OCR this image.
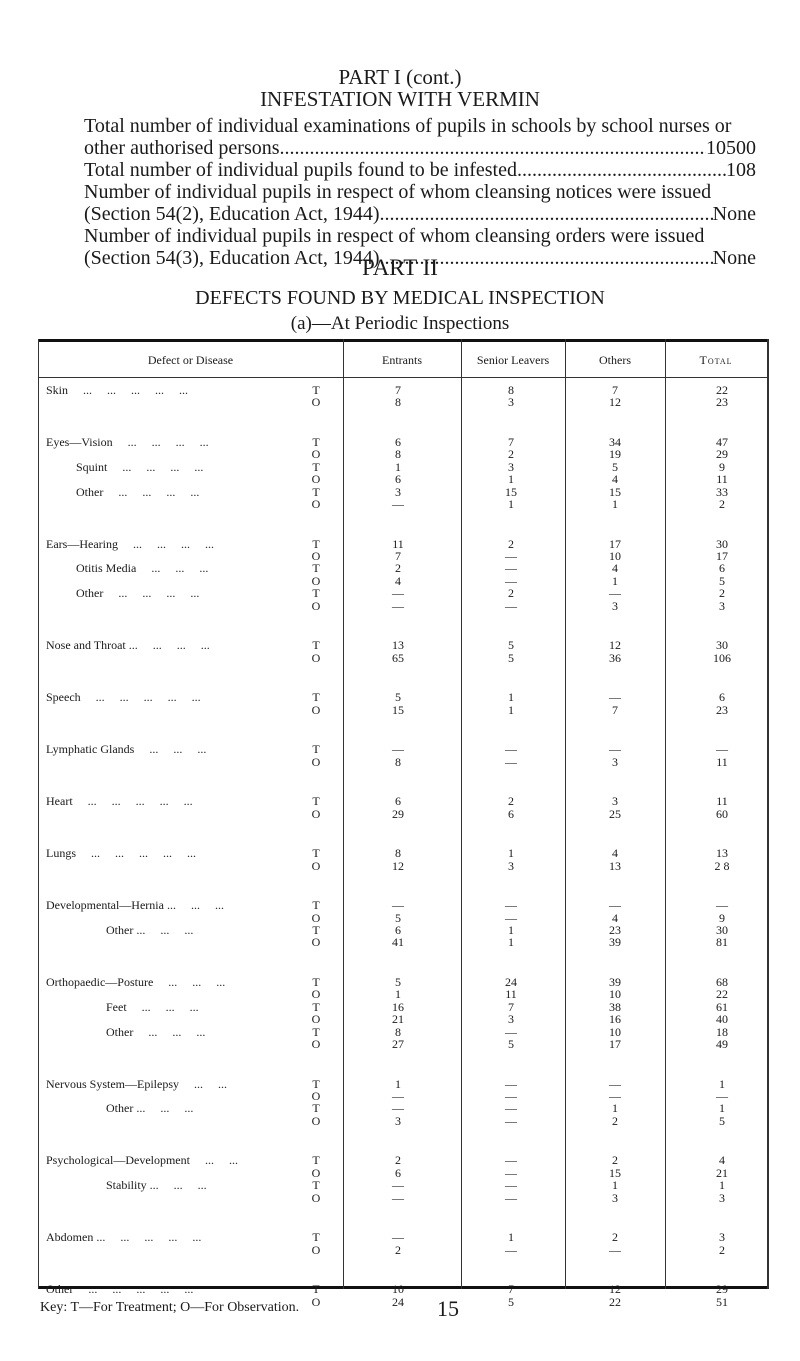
PART I (cont.)
INFESTATION WITH VERMIN
Total number of individual examinations of pupils in schools by school nurses or
other authorised persons .....	10500
Total number of individual pupils found to be infested .....	108
Number of individual pupils in respect of whom cleansing notices were issued
(Section 54(2), Education Act, 1944) .....	None
Number of individual pupils in respect of whom cleansing orders were issued
(Section 54(3), Education Act, 1944) .....	None
PART II
DEFECTS FOUND BY MEDICAL INSPECTION
(a)—At Periodic Inspections
Defect or Disease	Entrants	Senior Leavers	Others	Total
Skin     ...     ...     ...     ...     ...	T	7	8	7	22
O	8	3	12	23
Eyes—Vision     ...     ...     ...     ...	T	6	7	34	47
O	8	2	19	29
Squint     ...     ...     ...     ...	T	1	3	5	9
O	6	1	4	11
Other     ...     ...     ...     ...	T	3	15	15	33
O	—	1	1	2
Ears—Hearing     ...     ...     ...     ...	T	11	2	17	30
O	7	—	10	17
Otitis Media     ...     ...     ...	T	2	—	4	6
O	4	—	1	5
Other     ...     ...     ...     ...	T	—	2	—	2
O	—	—	3	3
Nose and Throat ...     ...     ...     ...	T	13	5	12	30
O	65	5	36	106
Speech     ...     ...     ...     ...     ...	T	5	1	—	6
O	15	1	7	23
Lymphatic Glands     ...     ...     ...	T	—	—	—	—
O	8	—	3	11
Heart     ...     ...     ...     ...     ...	T	6	2	3	11
O	29	6	25	60
Lungs     ...     ...     ...     ...     ...	T	8	1	4	13
O	12	3	13	2 8
Developmental—Hernia ...     ...     ...	T	—	—	—	—
O	5	—	4	9
Other ...     ...     ...	T	6	1	23	30
O	41	1	39	81
Orthopaedic—Posture     ...     ...     ...	T	5	24	39	68
O	1	11	10	22
Feet     ...     ...     ...	T	16	7	38	61
O	21	3	16	40
Other     ...     ...     ...	T	8	—	10	18
O	27	5	17	49
Nervous System—Epilepsy     ...     ...	T	1	—	—	1
O	—	—	—	—
Other ...     ...     ...	T	—	—	1	1
O	3	—	2	5
Psychological—Development     ...     ...	T	2	—	2	4
O	6	—	15	21
Stability ...     ...     ...	T	—	—	1	1
O	—	—	3	3
Abdomen ...     ...     ...     ...     ...	T	—	1	2	3
O	2	—	—	2
Other     ...     ...     ...     ...     ...	T	10	7	12	29
O	24	5	22	51
Key: T—For Treatment; O—For Observation.	15
